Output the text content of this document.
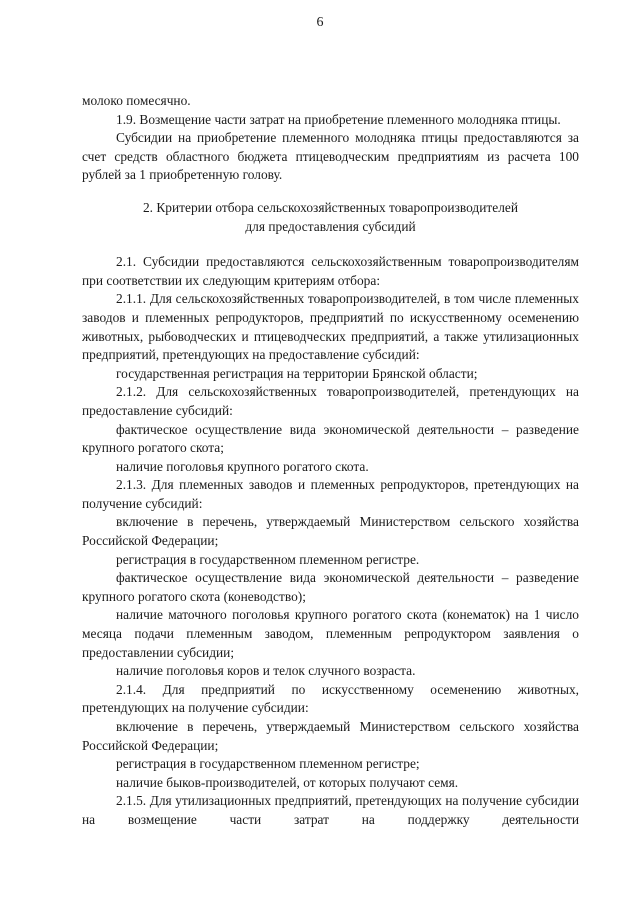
6

молоко помесячно.

1.9. Возмещение части затрат на приобретение племенного молодняка птицы.

Субсидии на приобретение племенного молодняка птицы предоставляются за счет средств областного бюджета птицеводческим предприятиям из расчета 100 рублей за 1 приобретенную голову.

2. Критерии отбора сельскохозяйственных товаропроизводителей

для предоставления субсидий

2.1. Субсидии предоставляются сельскохозяйственным товаропроизводителям при соответствии их следующим критериям отбора:

2.1.1. Для сельскохозяйственных товаропроизводителей, в том числе племенных заводов и племенных репродукторов, предприятий по искусственному осеменению животных, рыбоводческих и птицеводческих предприятий, а также утилизационных предприятий, претендующих на предоставление субсидий:

государственная регистрация на территории Брянской области;

2.1.2. Для сельскохозяйственных товаропроизводителей, претендующих на предоставление субсидий:

фактическое осуществление вида экономической деятельности – разведение крупного рогатого скота;

наличие поголовья крупного рогатого скота.

2.1.3. Для племенных заводов и племенных репродукторов, претендующих на получение субсидий:

включение в перечень, утверждаемый Министерством сельского хозяйства Российской Федерации;

регистрация в государственном племенном регистре.

фактическое осуществление вида экономической деятельности – разведение крупного рогатого скота (коневодство);

наличие маточного поголовья крупного рогатого скота (конематок) на 1 число месяца подачи племенным заводом, племенным репродуктором заявления о предоставлении субсидии;

наличие поголовья коров и телок случного возраста.

2.1.4. Для предприятий по искусственному осеменению животных, претендующих на получение субсидии:

включение в перечень, утверждаемый Министерством сельского хозяйства Российской Федерации;

регистрация в государственном племенном регистре;

наличие быков-производителей, от которых получают семя.

2.1.5. Для утилизационных предприятий, претендующих на получение субсидии на возмещение части затрат на поддержку деятельности
